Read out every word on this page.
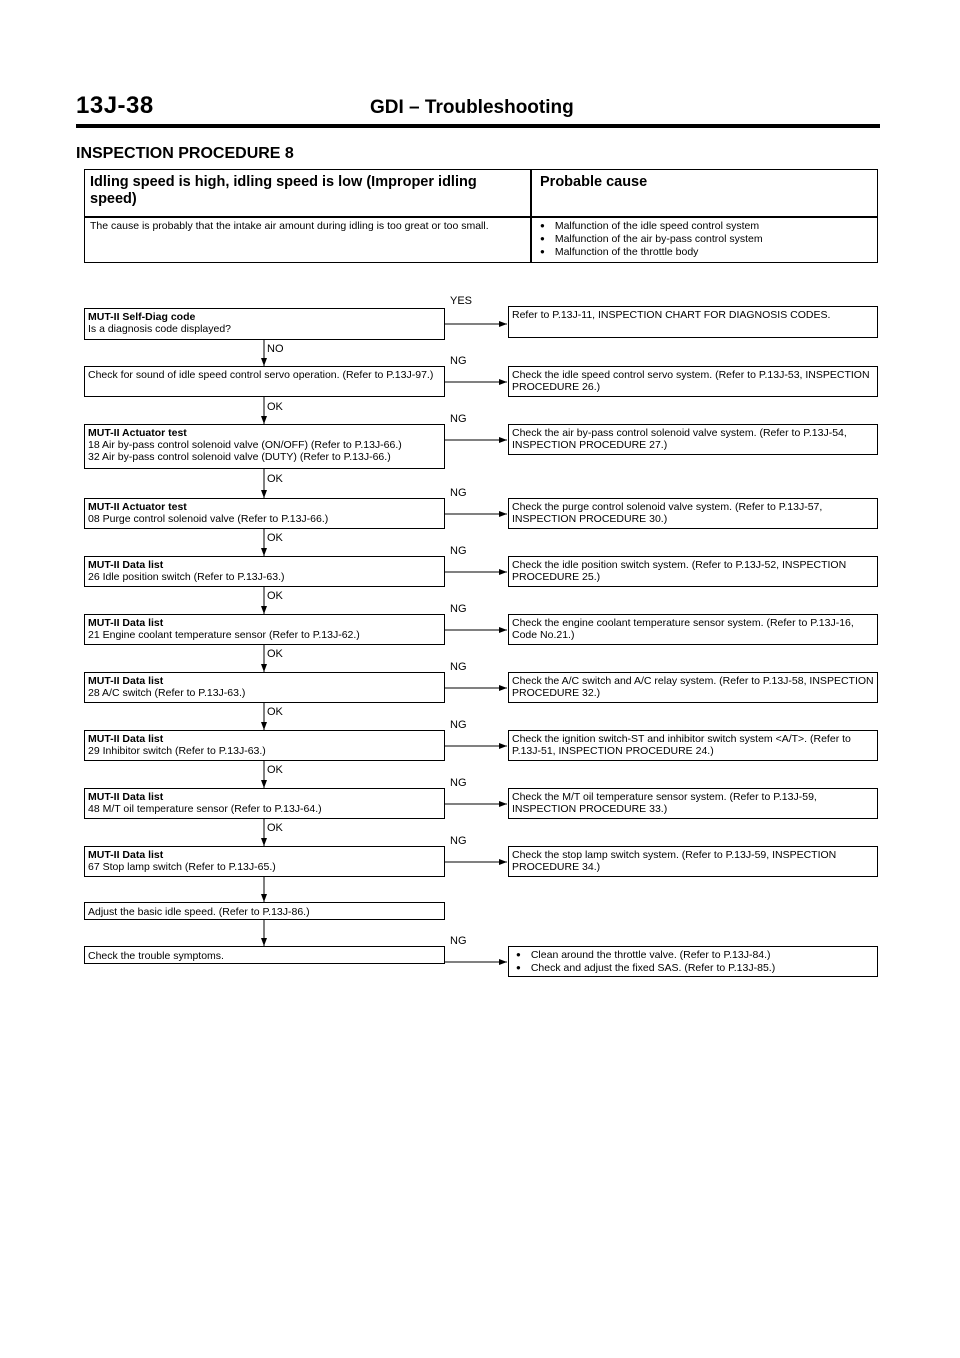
13J-38	GDI – Troubleshooting
INSPECTION PROCEDURE 8
Idling speed is high, idling speed is low (Improper idling speed)
Probable cause
The cause is probably that the intake air amount during idling is too great or too small.
●	Malfunction of the idle speed control system
● Malfunction of the air by-pass control system
● Malfunction of the throttle body
MUT-II Self-Diag code
Is a diagnosis code displayed?
Refer to P.13J-11, INSPECTION CHART FOR DIAGNOSIS CODES.
YES
NO
Check for sound of idle speed control servo operation. (Refer to P.13J-97.)	Check the idle speed control servo system. (Refer to P.13J-53, INSPECTION PROCEDURE 26.)
NG
OK
MUT-II Actuator test
18 Air by-pass control solenoid valve (ON/OFF) (Refer to P.13J-66.)
32 Air by-pass control solenoid valve (DUTY) (Refer to P.13J-66.)
Check the air by-pass control solenoid valve system. (Refer to P.13J-54, INSPECTION PROCEDURE 27.)
NG
OK
MUT-II Actuator test
08 Purge control solenoid valve (Refer to P.13J-66.)
Check the purge control solenoid valve system. (Refer to P.13J-57, INSPECTION PROCEDURE 30.)
NG
OK
MUT-II Data list
26 Idle position switch (Refer to P.13J-63.)
Check the idle position switch system. (Refer to P.13J-52, INSPECTION PROCEDURE 25.)
NG
OK
MUT-II Data list
21 Engine coolant temperature sensor (Refer to P.13J-62.)
Check the engine coolant temperature sensor system. (Refer to P.13J-16, Code No.21.)
NG
OK
MUT-II Data list
28 A/C switch (Refer to P.13J-63.)
Check the A/C switch and A/C relay system. (Refer to P.13J-58, INSPECTION PROCEDURE 32.)
NG
OK
MUT-II Data list
29 Inhibitor switch (Refer to P.13J-63.)
Check the ignition switch-ST and inhibitor switch system <A/T>. (Refer to P.13J-51, INSPECTION PROCEDURE 24.)
NG
OK
MUT-II Data list
48 M/T oil temperature sensor (Refer to P.13J-64.)
Check the M/T oil temperature sensor system. (Refer to P.13J-59, INSPECTION PROCEDURE 33.)
NG
OK
MUT-II Data list
67 Stop lamp switch (Refer to P.13J-65.)
Check the stop lamp switch system. (Refer to P.13J-59, INSPECTION PROCEDURE 34.)
NG
Adjust the basic idle speed. (Refer to P.13J-86.)
Check the trouble symptoms.
NG
● Clean around the throttle valve. (Refer to P.13J-84.)
● Check and adjust the fixed SAS. (Refer to P.13J-85.)
